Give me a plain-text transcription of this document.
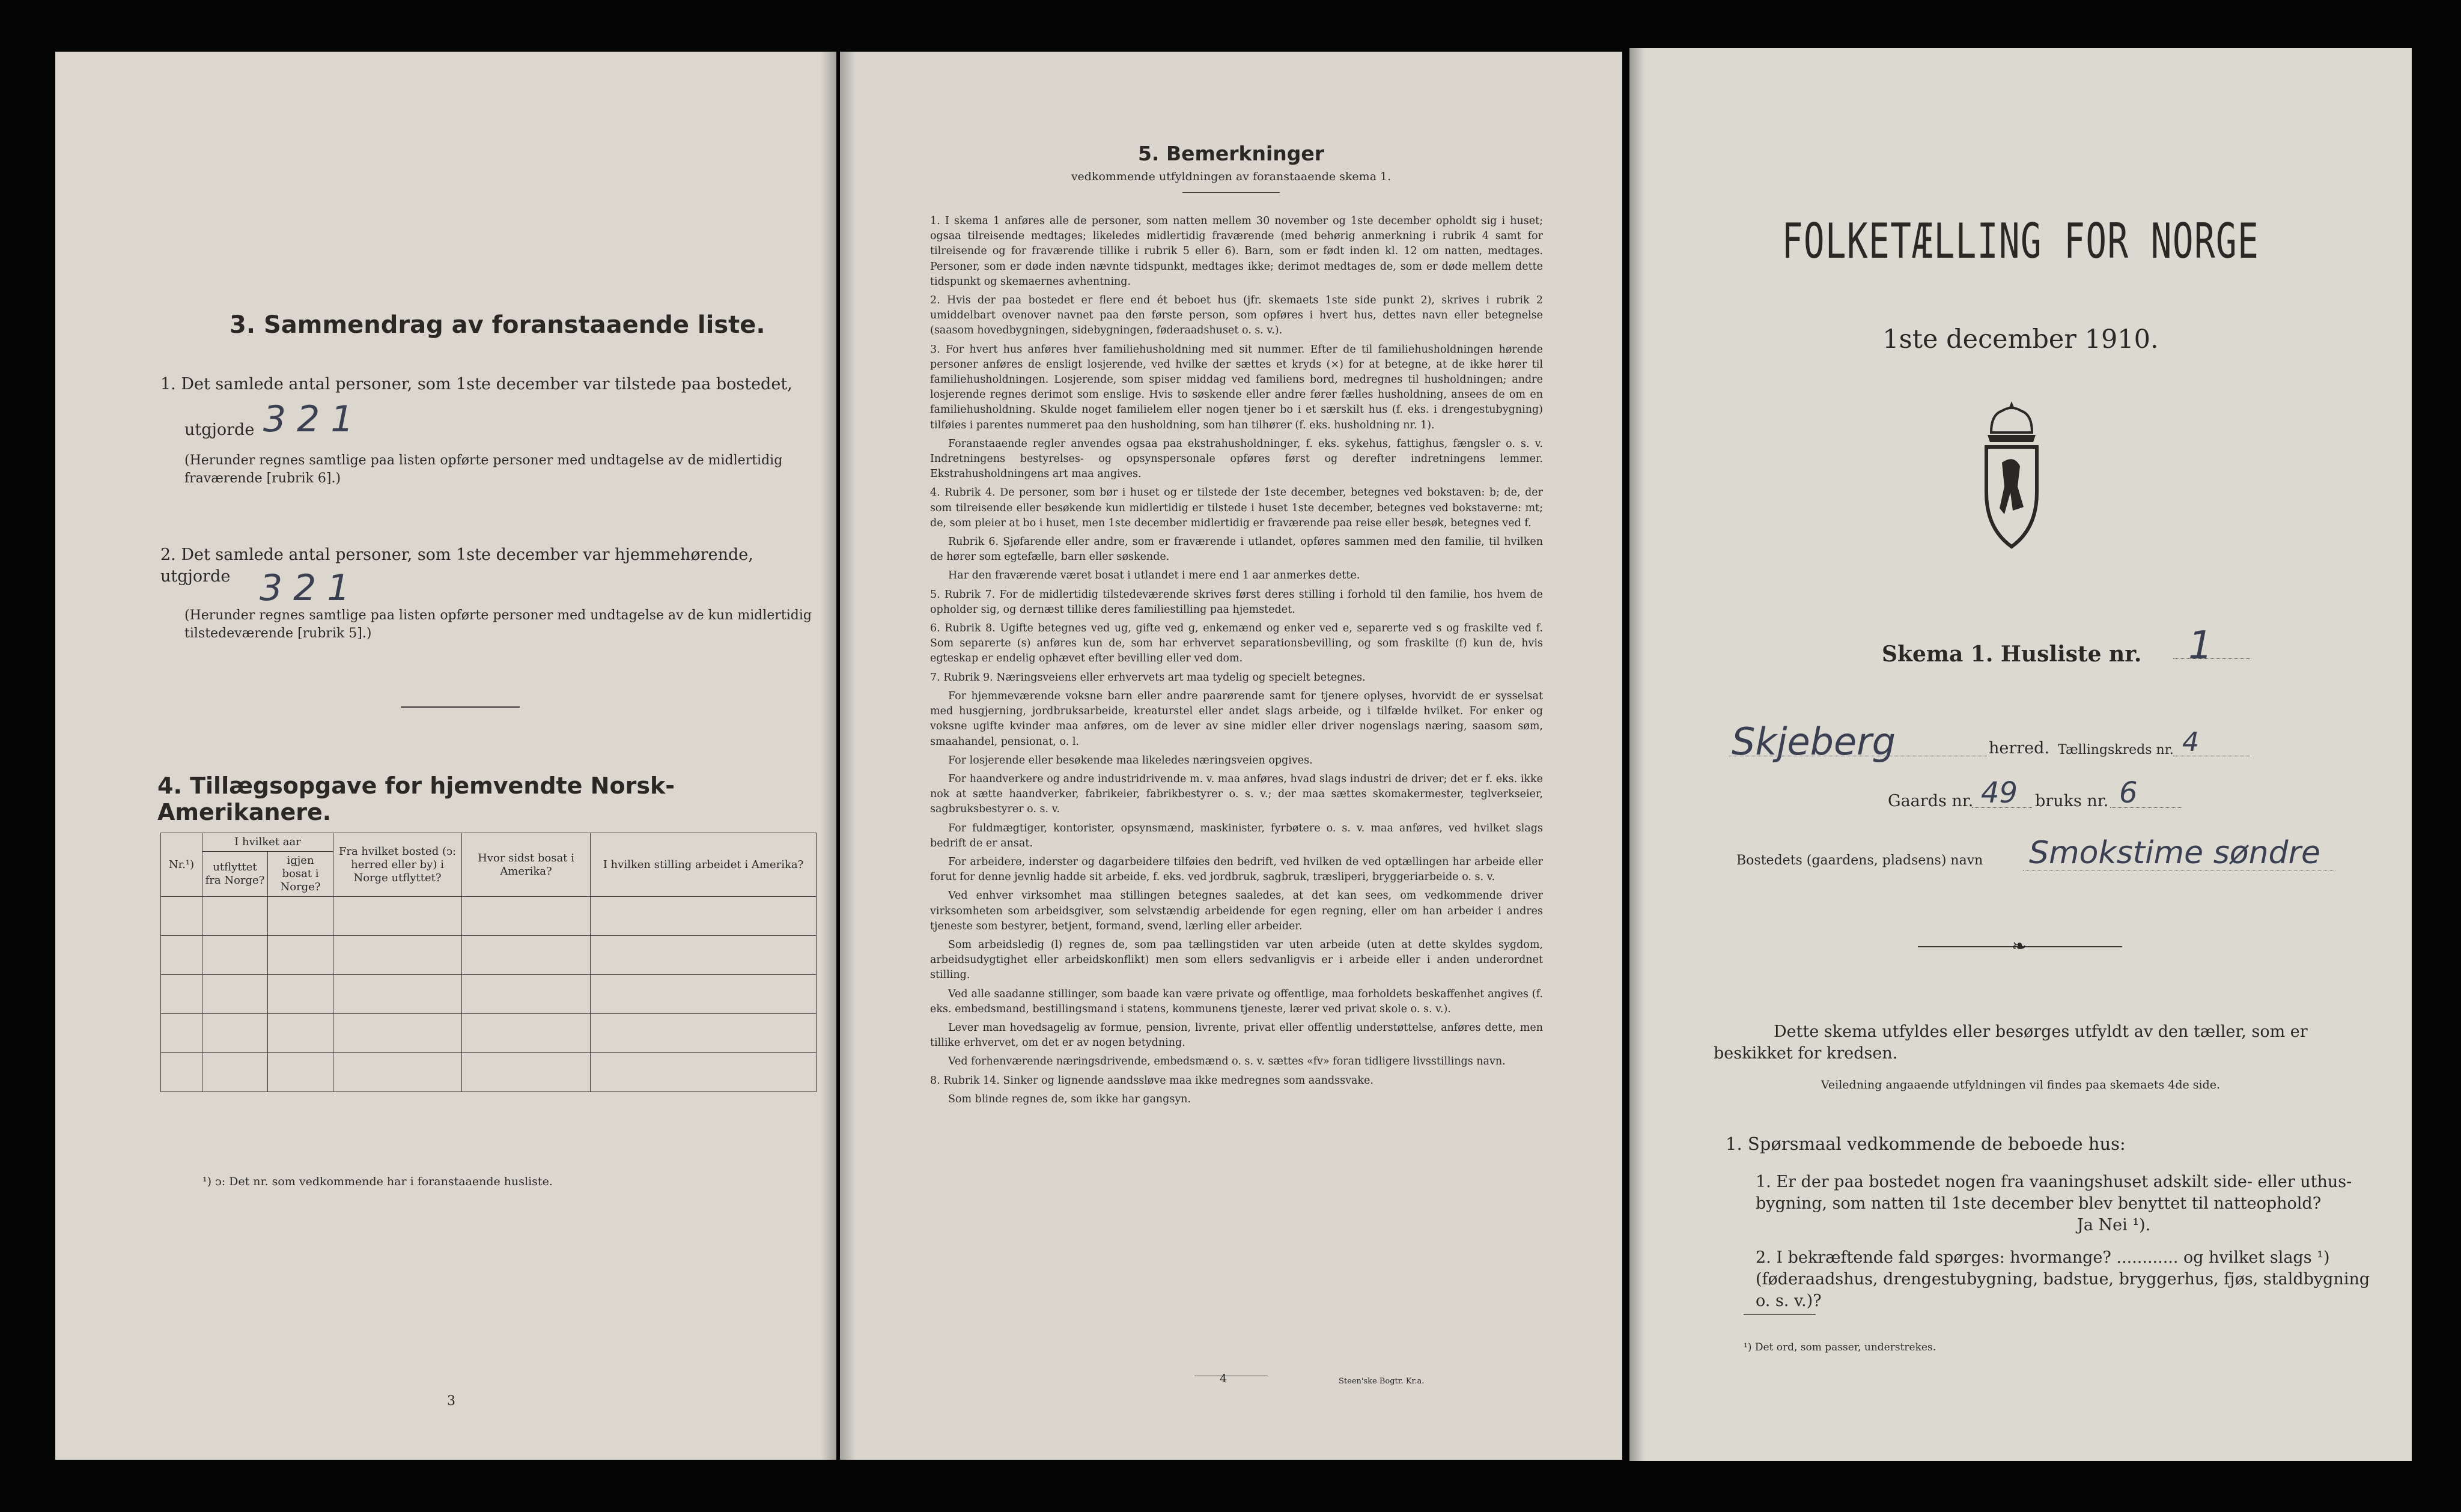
3. Sammendrag av foranstaaende liste.
1. Det samlede antal personer, som 1ste december var tilstede paa bostedet,
utgjorde 321
(Herunder regnes samtlige paa listen opførte personer med undtagelse av de midlertidig fraværende [rubrik 6].)
2. Det samlede antal personer, som 1ste december var hjemmehørende, utgjorde 321
(Herunder regnes samtlige paa listen opførte personer med undtagelse av de kun midlertidig tilstedeværende [rubrik 5].)
4. Tillægsopgave for hjemvendte Norsk-Amerikanere.
Nr.¹)	I hvilket aar		Fra hvilket bosted (ↄ: herred eller by) i Norge utflyttet?	Hvor sidst bosat i Amerika?	I hvilken stilling arbeidet i Amerika?
	utflyttet fra Norge?	igjen bosat i Norge?			

¹) ↄ: Det nr. som vedkommende har i foranstaaende husliste.
3
5. Bemerkninger
vedkommende utfyldningen av foranstaaende skema 1.

1. I skema 1 anføres alle de personer, som natten mellem 30 november og 1ste december opholdt sig i huset; ogsaa tilreisende medtages; likeledes midlertidig fraværende (med behørig anmerkning i rubrik 4 samt for tilreisende og for fraværende tillike i rubrik 5 eller 6). Barn, som er født inden kl. 12 om natten, medtages. Personer, som er døde inden nævnte tidspunkt, medtages ikke; derimot medtages de, som er døde mellem dette tidspunkt og skemaernes avhentning.

2. Hvis der paa bostedet er flere end ét beboet hus (jfr. skemaets 1ste side punkt 2), skrives i rubrik 2 umiddelbart ovenover navnet paa den første person, som opføres i hvert hus, dettes navn eller betegnelse (saasom hovedbygningen, sidebygningen, føderaadshuset o. s. v.).

3. For hvert hus anføres hver familiehusholdning med sit nummer. Efter de til familiehusholdningen hørende personer anføres de ensligt losjerende, ved hvilke der sættes et kryds (×) for at betegne, at de ikke hører til familiehusholdningen. Losjerende, som spiser middag ved familiens bord, medregnes til husholdningen; andre losjerende regnes derimot som enslige. Hvis to søskende eller andre fører fælles husholdning, ansees de om en familiehusholdning. Skulde noget familielem eller nogen tjener bo i et særskilt hus (f. eks. i drengestubygning) tilføies i parentes nummeret paa den husholdning, som han tilhører (f. eks. husholdning nr. 1).

Foranstaaende regler anvendes ogsaa paa ekstrahusholdninger, f. eks. sykehus, fattighus, fængsler o. s. v. Indretningens bestyrelses- og opsynspersonale opføres først og derefter indretningens lemmer. Ekstrahusholdningens art maa angives.

4. Rubrik 4. De personer, som bør i huset og er tilstede der 1ste december, betegnes ved bokstaven: b; de, der som tilreisende eller besøkende kun midlertidig er tilstede i huset 1ste december, betegnes ved bokstaverne: mt; de, som pleier at bo i huset, men 1ste december midlertidig er fraværende paa reise eller besøk, betegnes ved f.

Rubrik 6. Sjøfarende eller andre, som er fraværende i utlandet, opføres sammen med den familie, til hvilken de hører som egtefælle, barn eller søskende.

Har den fraværende været bosat i utlandet i mere end 1 aar anmerkes dette.

5. Rubrik 7. For de midlertidig tilstedeværende skrives først deres stilling i forhold til den familie, hos hvem de opholder sig, og dernæst tillike deres familiestilling paa hjemstedet.

6. Rubrik 8. Ugifte betegnes ved ug, gifte ved g, enkemænd og enker ved e, separerte ved s og fraskilte ved f. Som separerte (s) anføres kun de, som har erhvervet separationsbevilling, og som fraskilte (f) kun de, hvis egteskap er endelig ophævet efter bevilling eller ved dom.

7. Rubrik 9. Næringsveiens eller erhvervets art maa tydelig og specielt betegnes.

For hjemmeværende voksne barn eller andre paarørende samt for tjenere oplyses, hvorvidt de er sysselsat med husgjerning, jordbruksarbeide, kreaturstel eller andet slags arbeide, og i tilfælde hvilket. For enker og voksne ugifte kvinder maa anføres, om de lever av sine midler eller driver nogenslags næring, saasom søm, smaahandel, pensionat, o. l.

For losjerende eller besøkende maa likeledes næringsveien opgives.

For haandverkere og andre industridrivende m. v. maa anføres, hvad slags industri de driver; det er f. eks. ikke nok at sætte haandverker, fabrikeier, fabrikbestyrer o. s. v.; der maa sættes skomakermester, teglverkseier, sagbruksbestyrer o. s. v.

For fuldmægtiger, kontorister, opsynsmænd, maskinister, fyrbøtere o. s. v. maa anføres, ved hvilket slags bedrift de er ansat.

For arbeidere, inderster og dagarbeidere tilføies den bedrift, ved hvilken de ved optællingen har arbeide eller forut for denne jevnlig hadde sit arbeide, f. eks. ved jordbruk, sagbruk, træsliperi, bryggeriarbeide o. s. v.

Ved enhver virksomhet maa stillingen betegnes saaledes, at det kan sees, om vedkommende driver virksomheten som arbeidsgiver, som selvstændig arbeidende for egen regning, eller om han arbeider i andres tjeneste som bestyrer, betjent, formand, svend, lærling eller arbeider.

Som arbeidsledig (l) regnes de, som paa tællingstiden var uten arbeide (uten at dette skyldes sygdom, arbeidsudygtighet eller arbeidskonflikt) men som ellers sedvanligvis er i arbeide eller i anden underordnet stilling.

Ved alle saadanne stillinger, som baade kan være private og offentlige, maa forholdets beskaffenhet angives (f. eks. embedsmand, bestillingsmand i statens, kommunens tjeneste, lærer ved privat skole o. s. v.).

Lever man hovedsagelig av formue, pension, livrente, privat eller offentlig understøttelse, anføres dette, men tillike erhvervet, om det er av nogen betydning.

Ved forhenværende næringsdrivende, embedsmænd o. s. v. sættes «fv» foran tidligere livsstillings navn.

8. Rubrik 14. Sinker og lignende aandssløve maa ikke medregnes som aandssvake.

Som blinde regnes de, som ikke har gangsyn.

4	Steen'ske Bogtr. Kr.a.
FOLKETÆLLING FOR NORGE
1ste december 1910.
Skema 1. Husliste nr. 1
Skjeberg	herred. Tællingskreds nr. 4
Gaards nr. 49 bruks nr. 6
Bostedets (gaardens, pladsens) navn Smokstime søndre
❧
Dette skema utfyldes eller besørges utfyldt av den tæller, som er beskikket for kredsen.
Veiledning angaaende utfyldningen vil findes paa skemaets 4de side.
1. Spørsmaal vedkommende de beboede hus:
1. Er der paa bostedet nogen fra vaaningshuset adskilt side- eller uthus-bygning, som natten til 1ste december blev benyttet til natteophold?
Ja Nei ¹).
2. I bekræftende fald spørges: hvormange? ............ og hvilket slags ¹) (føderaadshus, drengestubygning, badstue, bryggerhus, fjøs, staldbygning o. s. v.)?
¹) Det ord, som passer, understrekes.
